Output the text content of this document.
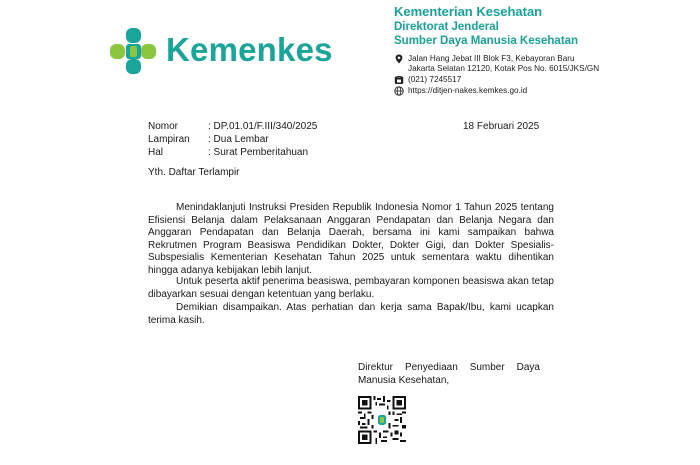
Kemenkes
Kementerian Kesehatan
Direktorat Jenderal
Sumber Daya Manusia Kesehatan
Jalan Hang Jebat III Blok F3, Kebayoran Baru
Jakarta Selatan 12120, Kotak Pos No. 6015/JKS/GN
(021) 7245517
https://ditjen-nakes.kemkes.go.id
Nomor	: DP.01.01/F.III/340/2025
Lampiran	: Dua Lembar
Hal	: Surat Pemberitahuan
18 Februari 2025
Yth. Daftar Terlampir

Menindaklanjuti Instruksi Presiden Republik Indonesia Nomor 1 Tahun 2025 tentang Efisiensi Belanja dalam Pelaksanaan Anggaran Pendapatan dan Belanja Negara dan Anggaran Pendapatan dan Belanja Daerah, bersama ini kami sampaikan bahwa Rekrutmen Program Beasiswa Pendidikan Dokter, Dokter Gigi, dan Dokter Spesialis-Subspesialis Kementerian Kesehatan Tahun 2025 untuk sementara waktu dihentikan hingga adanya kebijakan lebih lanjut.

Untuk peserta aktif penerima beasiswa, pembayaran komponen beasiswa akan tetap dibayarkan sesuai dengan ketentuan yang berlaku.

Demikian disampaikan. Atas perhatian dan kerja sama Bapak/Ibu, kami ucapkan terima kasih.

Direktur Penyediaan Sumber Daya
Manusia Kesehatan,
